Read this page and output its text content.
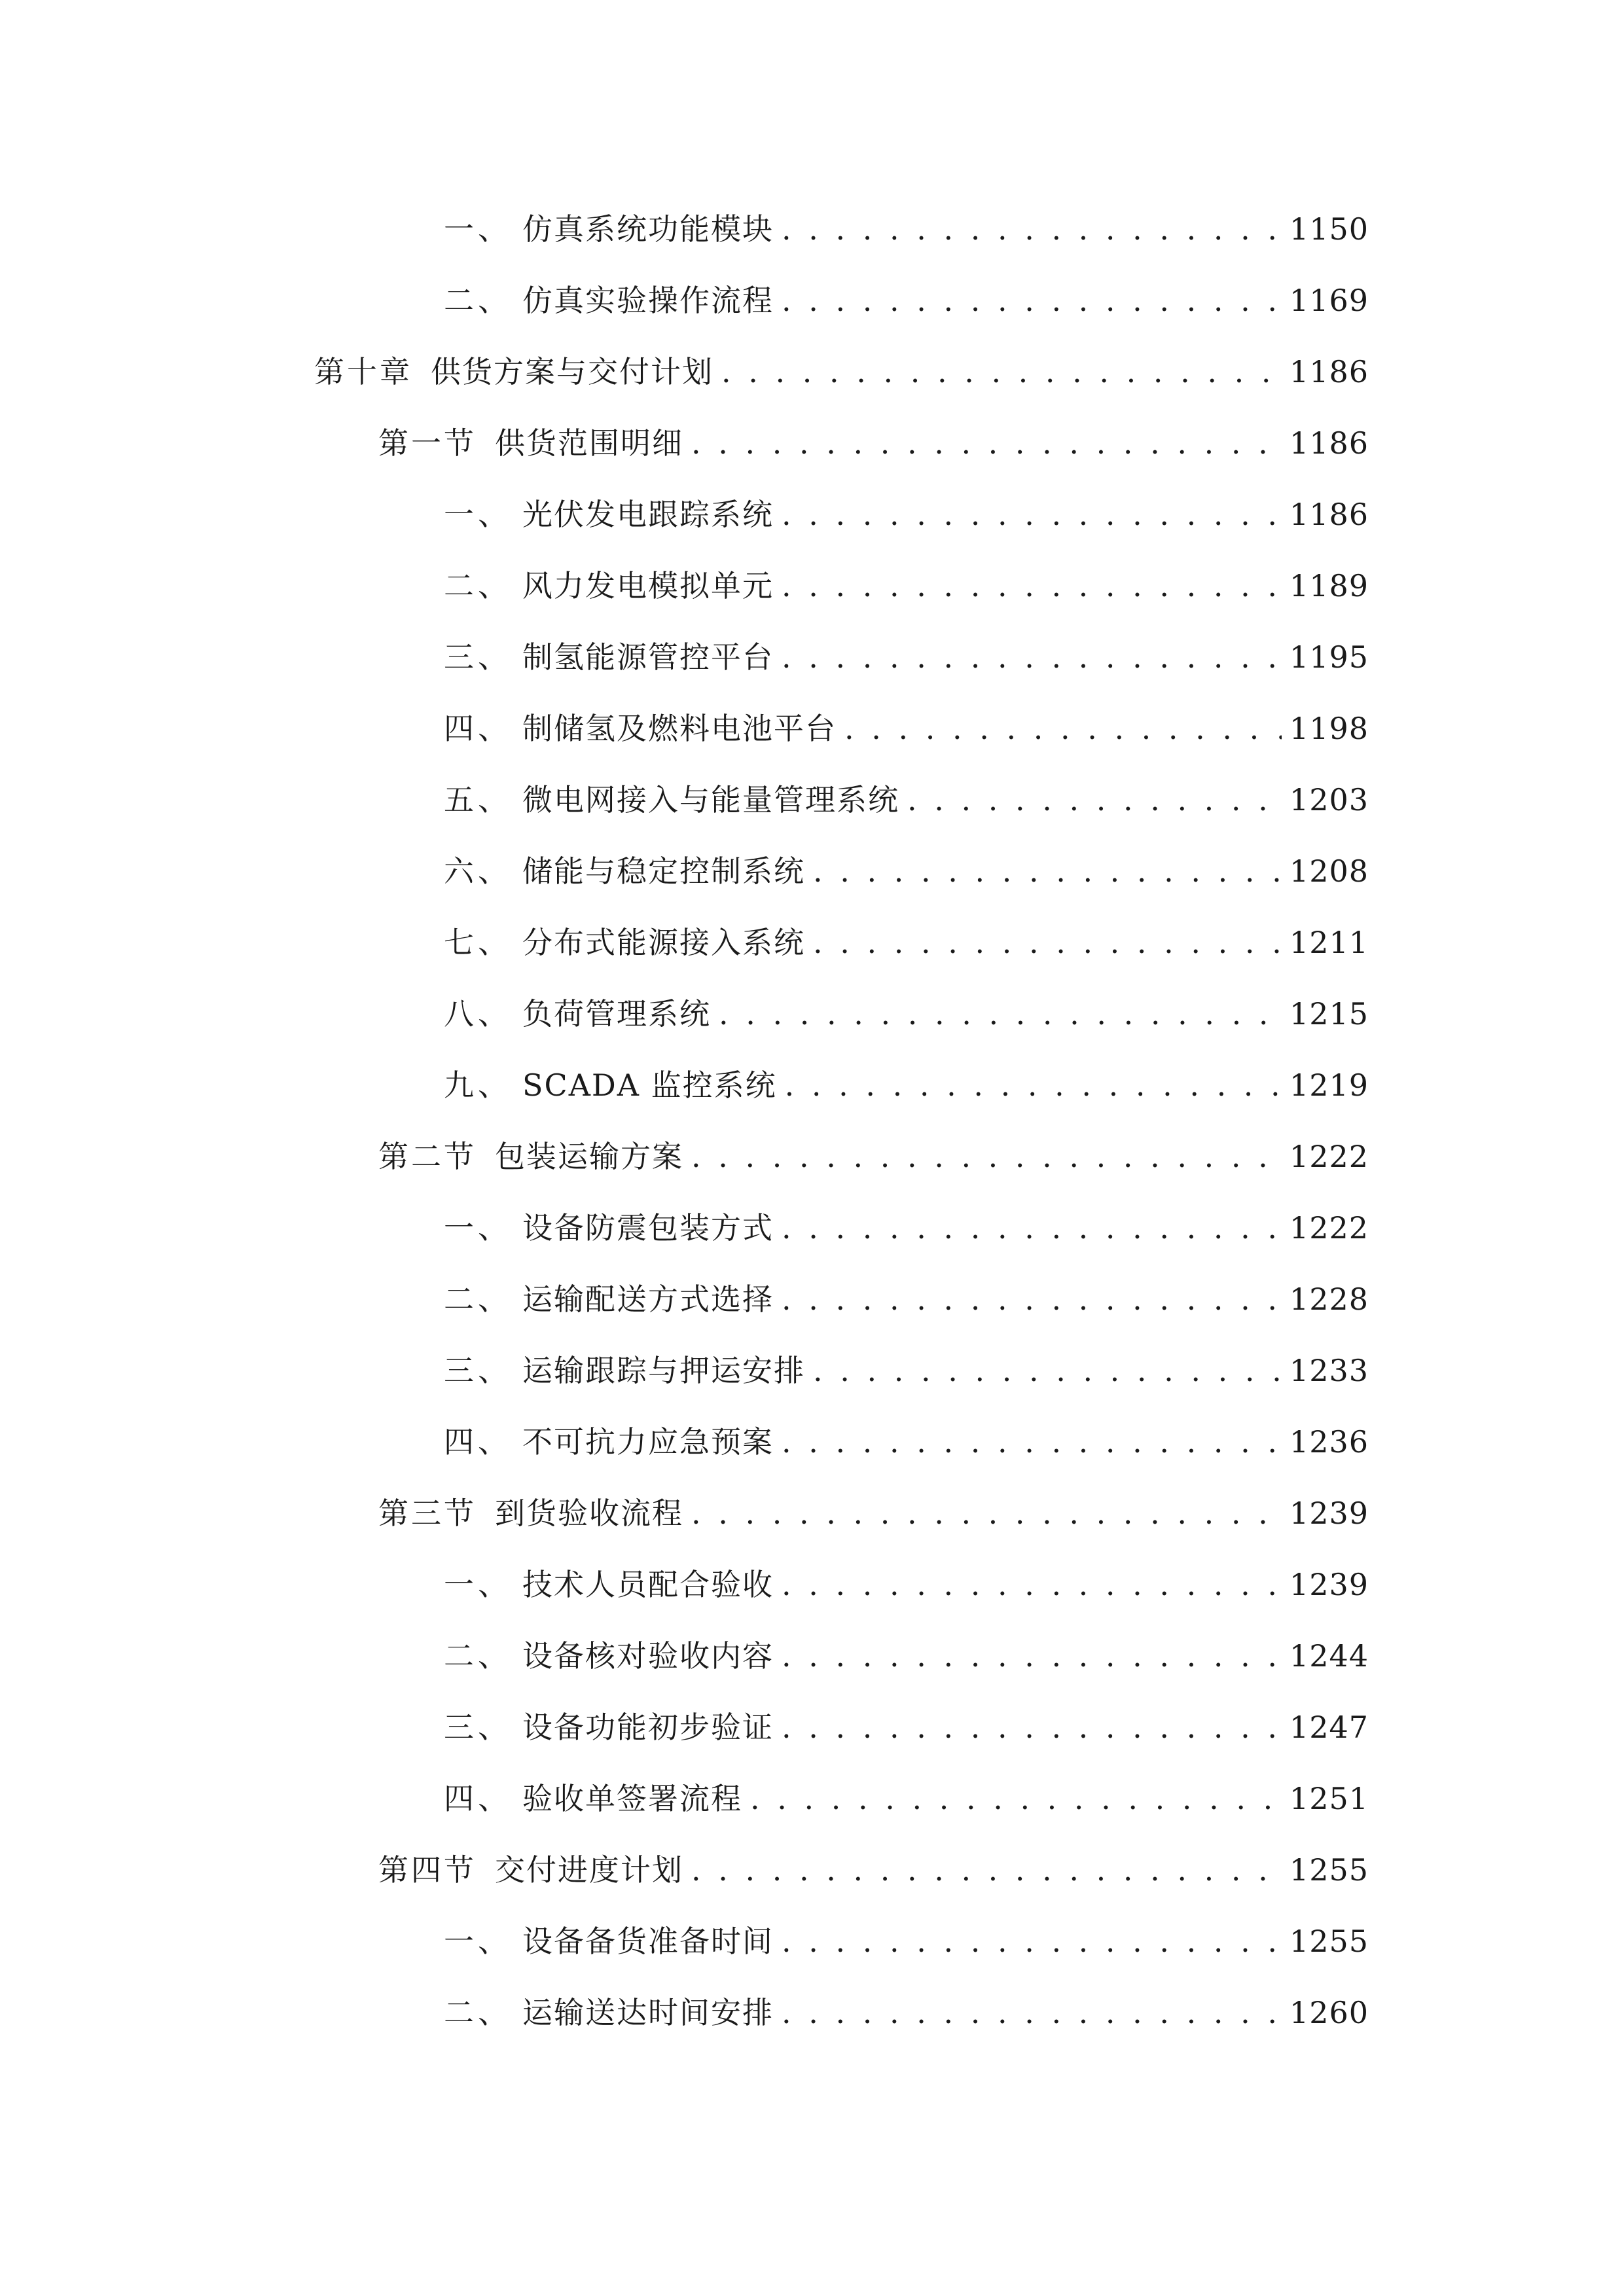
一、 仿真系统功能模块 . . .	1150
二、 仿真实验操作流程 . . .	1169
第十章 供货方案与交付计划 . . .	1186
第一节 供货范围明细 . . .	1186
一、 光伏发电跟踪系统 . . .	1186
二、 风力发电模拟单元 . . .	1189
三、 制氢能源管控平台 . . .	1195
四、 制储氢及燃料电池平台 . . .	1198
五、 微电网接入与能量管理系统 . . .	1203
六、 储能与稳定控制系统 . . .	1208
七、 分布式能源接入系统 . . .	1211
八、 负荷管理系统 . . .	1215
九、 SCADA 监控系统 . . .	1219
第二节 包装运输方案 . . .	1222
一、 设备防震包装方式 . . .	1222
二、 运输配送方式选择 . . .	1228
三、 运输跟踪与押运安排 . . .	1233
四、 不可抗力应急预案 . . .	1236
第三节 到货验收流程 . . .	1239
一、 技术人员配合验收 . . .	1239
二、 设备核对验收内容 . . .	1244
三、 设备功能初步验证 . . .	1247
四、 验收单签署流程 . . .	1251
第四节 交付进度计划 . . .	1255
一、 设备备货准备时间 . . .	1255
二、 运输送达时间安排 . . .	1260
